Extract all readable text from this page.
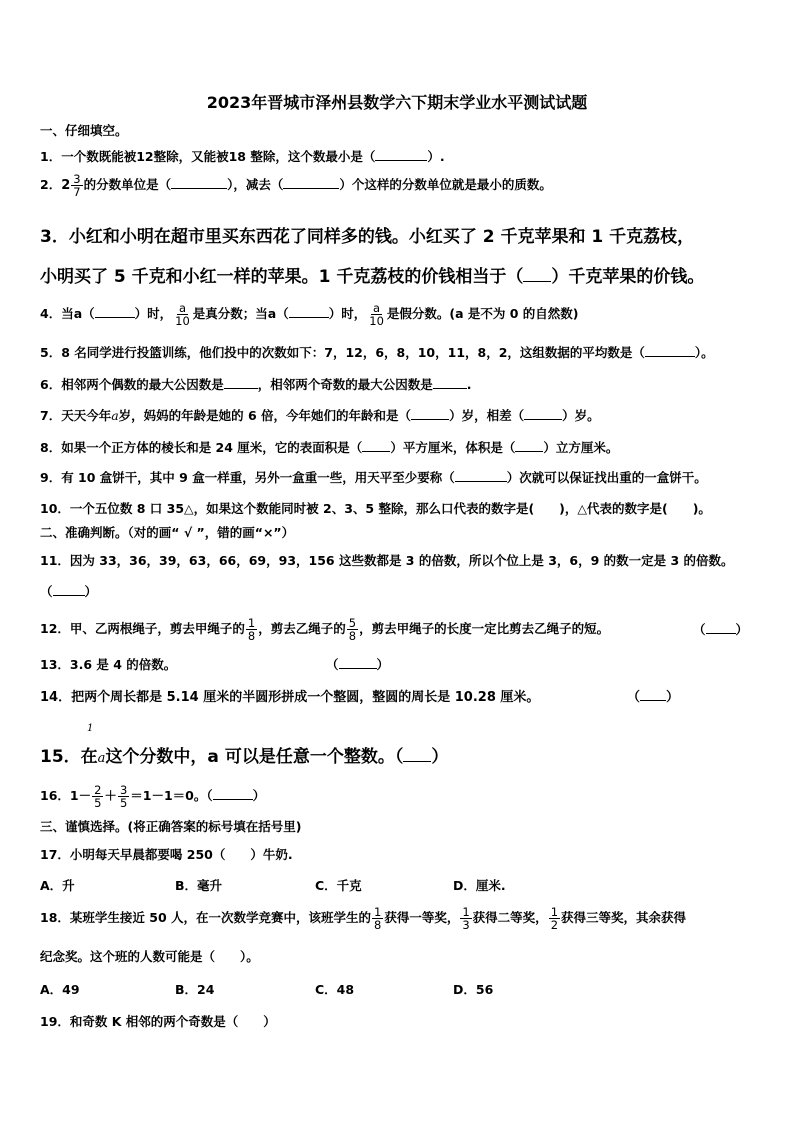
2023年晋城市泽州县数学六下期末学业水平测试试题
一、仔细填空。
1．一个数既能被12整除，又能被18 整除，这个数最小是（	）.
2．$2 \frac{3}{7}$ 的分数单位是（	），减去（	）个这样的分数单位就是最小的质数。
3．小红和小明在超市里买东西花了同样多的钱。小红买了 2 千克苹果和 1 千克荔枝，
小明买了 5 千克和小红一样的苹果。1 千克荔枝的价钱相当于（ ）千克苹果的价钱。
4．当a（	）时， $\frac{a}{10}$ 是真分数；当a（	）时， $\frac{a}{10}$ 是假分数。(a 是不为 0 的自然数)
5．8 名同学进行投篮训练，他们投中的次数如下：7，12，6，8，10，11，8，2，这组数据的平均数是（	）。
6．相邻两个偶数的最大公因数是	，相邻两个奇数的最大公因数是	.
7．天天今年a岁，妈妈的年龄是她的 6 倍，今年她们的年龄和是（	）岁，相差（	）岁。
8．如果一个正方体的棱长和是 24 厘米，它的表面积是（ ）平方厘米，体积是（ ）立方厘米。
9．有 10 盒饼干，其中 9 盒一样重，另外一盒重一些，用天平至少要称（	）次就可以保证找出重的一盒饼干。
10．一个五位数 8 口 35△，如果这个数能同时被 2、3、5 整除，那么口代表的数字是(　　)，△代表的数字是(　　)。
二、准确判断。（对的画“ √ ”，错的画“×”）
11．因为 33，36，39，63，66，69，93，156 这些数都是 3 的倍数，所以个位上是 3，6，9 的数一定是 3 的倍数。
（	）
12．甲、乙两根绳子，剪去甲绳子的 $\frac{1}{8}$ ，剪去乙绳子的 $\frac{5}{8}$ ，剪去甲绳子的长度一定比剪去乙绳子的短。	（ ）
13．3.6 是 4 的倍数。	（	）
14．把两个周长都是 5.14 厘米的半圆形拼成一个整圆，整圆的周长是 10.28 厘米。	（ ）
1
15．在a这个分数中，a 可以是任意一个整数。（ ）
16．$1- \frac{2}{5} + \frac{3}{5} =1-1=0$。（	）
三、谨慎选择。(将正确答案的标号填在括号里)
17．小明每天早晨都要喝 250（　　）牛奶.
A．升	B．毫升	C．千克	D．厘米.
18．某班学生接近 50 人，在一次数学竞赛中，该班学生的 $\frac{1}{8}$ 获得一等奖， $\frac{1}{3}$ 获得二等奖， $\frac{1}{2}$ 获得三等奖，其余获得
纪念奖。这个班的人数可能是（　　）。
A．49	B．24	C．48	D．56
19．和奇数 K 相邻的两个奇数是（　　）
